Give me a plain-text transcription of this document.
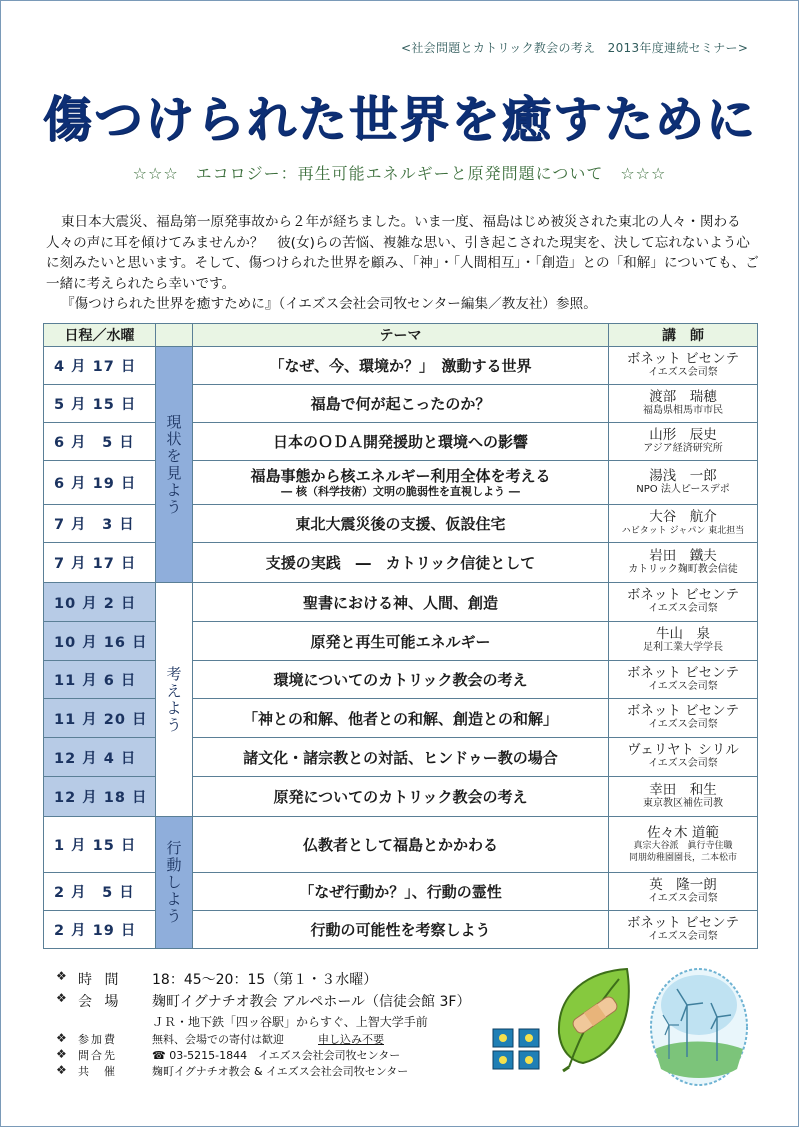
<社会問題とカトリック教会の考え　2013年度連続セミナー>
傷つけられた世界を癒すために
☆☆☆　エコロジー：再生可能エネルギーと原発問題について　☆☆☆

東日本大震災、福島第一原発事故から２年が経ちました。いま一度、福島はじめ被災された東北の人々・関わる人々の声に耳を傾けてみませんか？　彼(女)らの苦悩、複雑な思い、引き起こされた現実を、決して忘れないよう心に刻みたいと思います。そして、傷つけられた世界を顧み、「神」・「人間相互」・「創造」との「和解」についても、ご一緒に考えられたら幸いです。

『傷つけられた世界を癒すために』（イエズス会社会司牧センター編集／教友社）参照。

日程／水曜		テーマ	講　師
4 月 17 日	現状を見よう	「なぜ、今、環境か？」　激動する世界	ボネット ビセンテ
イエズス会司祭

5 月 15 日		福島で何が起こったのか？	渡部　瑞穂
福島県相馬市市民

6 月　5 日		日本のＯＤＡ開発援助と環境への影響	山形　辰史
アジア経済研究所

6 月 19 日		福島事態から核エネルギー利用全体を考える
― 核（科学技術）文明の脆弱性を直視しよう ―	湯浅　一郎
NPO 法人ピースデポ

7 月　3 日		東北大震災後の支援、仮設住宅	大谷　航介
ハビタット ジャパン 東北担当

7 月 17 日		支援の実践　―　カトリック信徒として	岩田　鐵夫
カトリック麹町教会信徒

10 月 2 日	考えよう	聖書における神、人間、創造	ボネット ビセンテ
イエズス会司祭

10 月 16 日		原発と再生可能エネルギー	牛山　泉
足利工業大学学長

11 月 6 日		環境についてのカトリック教会の考え	ボネット ビセンテ
イエズス会司祭

11 月 20 日		「神との和解、他者との和解、創造との和解」	ボネット ビセンテ
イエズス会司祭

12 月 4 日		諸文化・諸宗教との対話、ヒンドゥー教の場合	ヴェリヤト シリル
イエズス会司祭

12 月 18 日		原発についてのカトリック教会の考え	幸田　和生
東京教区補佐司教

1 月 15 日	行動しよう	仏教者として福島とかかわる	佐々木 道範
真宗大谷派　眞行寺住職
同朋幼稚園園長，二本松市

2 月　5 日		「なぜ行動か？」、行動の霊性	英　隆一朗
イエズス会司祭

2 月 19 日		行動の可能性を考察しよう	ボネット ビセンテ
イエズス会司祭
❖ 時 間 18：45～20：15（第１・３水曜）
❖ 会 場 麹町イグナチオ教会 アルペホール（信徒会館 3F）
ＪＲ・地下鉄「四ッ谷駅」からすぐ、上智大学手前
❖ 参加費	無料、会場での寄付は歓迎	申し込み不要
❖ 問合先	☎ 03-5215-1844　イエズス会社会司牧センター
❖ 共　催	麹町イグナチオ教会 & イエズス会社会司牧センター
